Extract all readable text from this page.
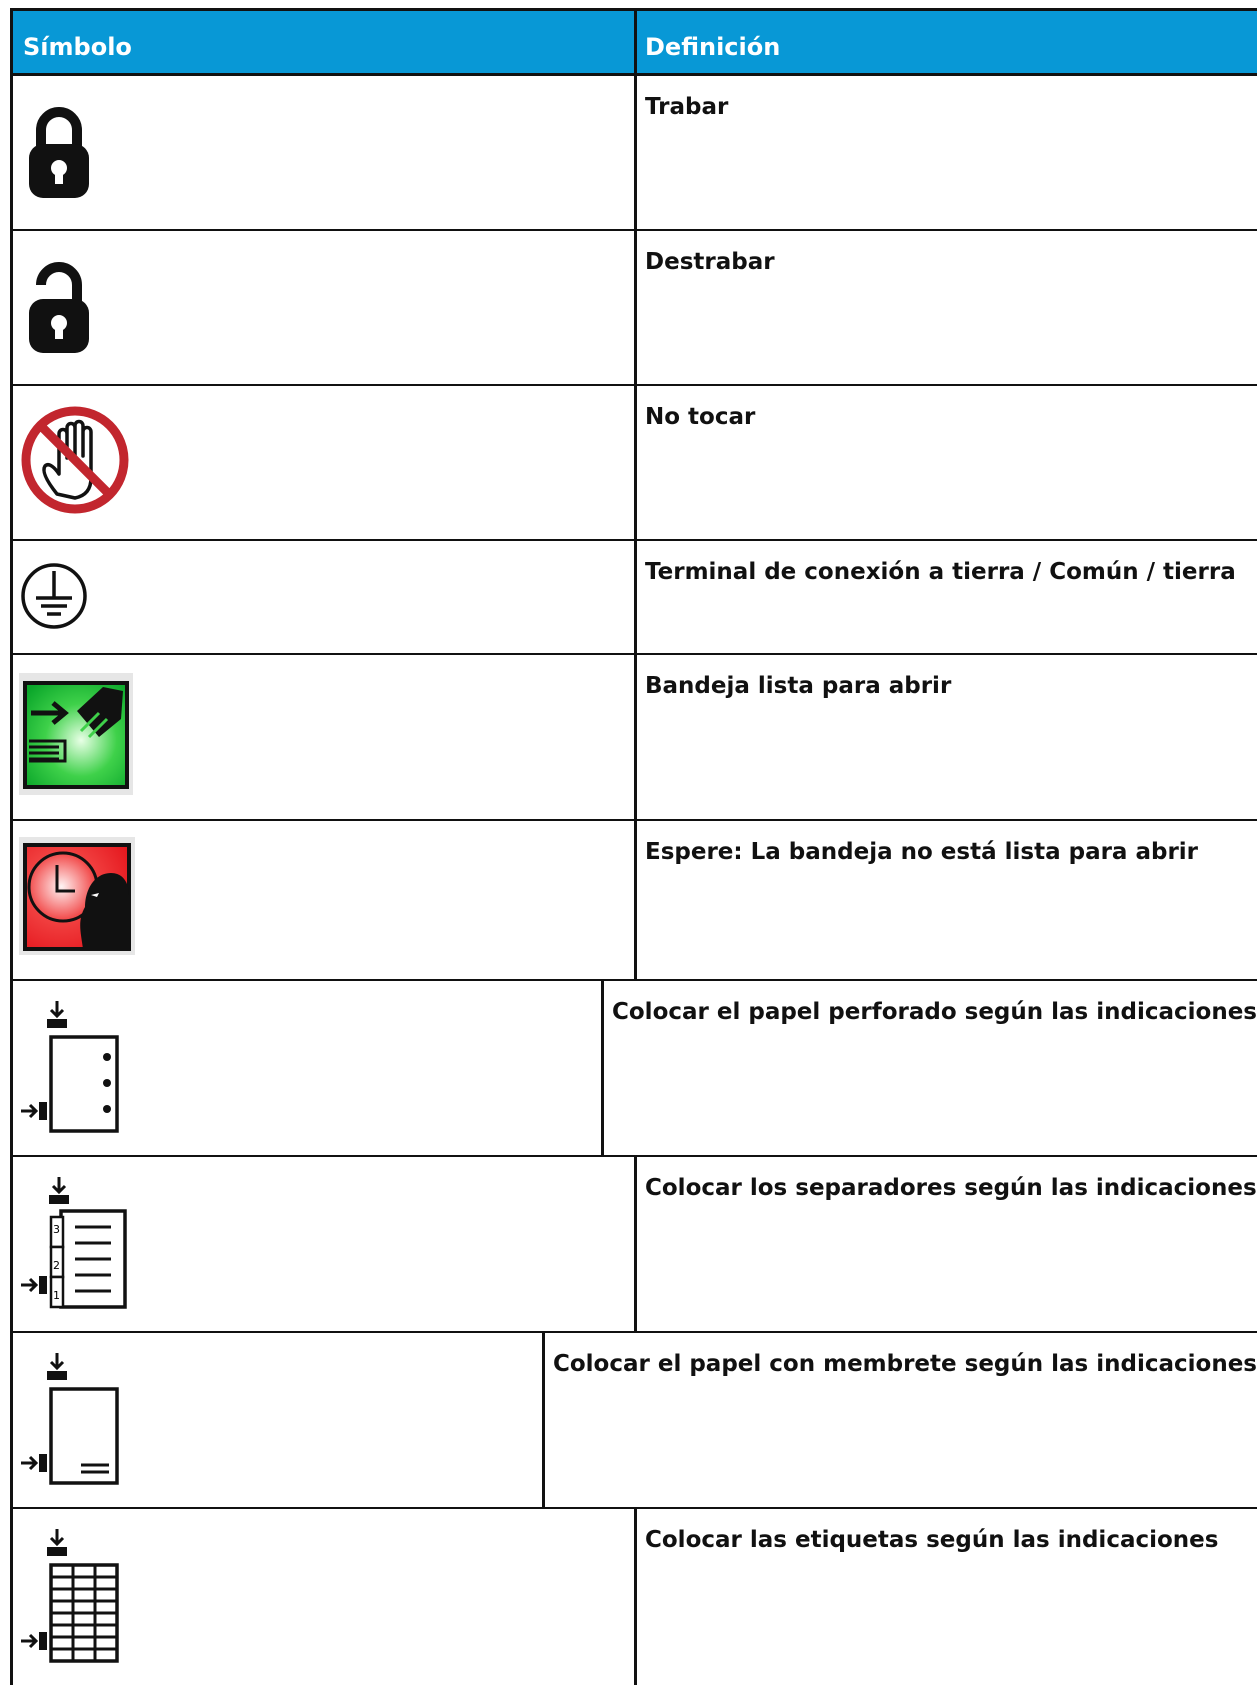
Símbolo	Definición
Trabar
Destrabar
No tocar
Terminal de conexión a tierra / Común / tierra
Bandeja lista para abrir
Espere: La bandeja no está lista para abrir
Colocar el papel perforado según las indicaciones
3
2
1
Colocar los separadores según las indicaciones
Colocar el papel con membrete según las indicaciones
Colocar las etiquetas según las indicaciones
